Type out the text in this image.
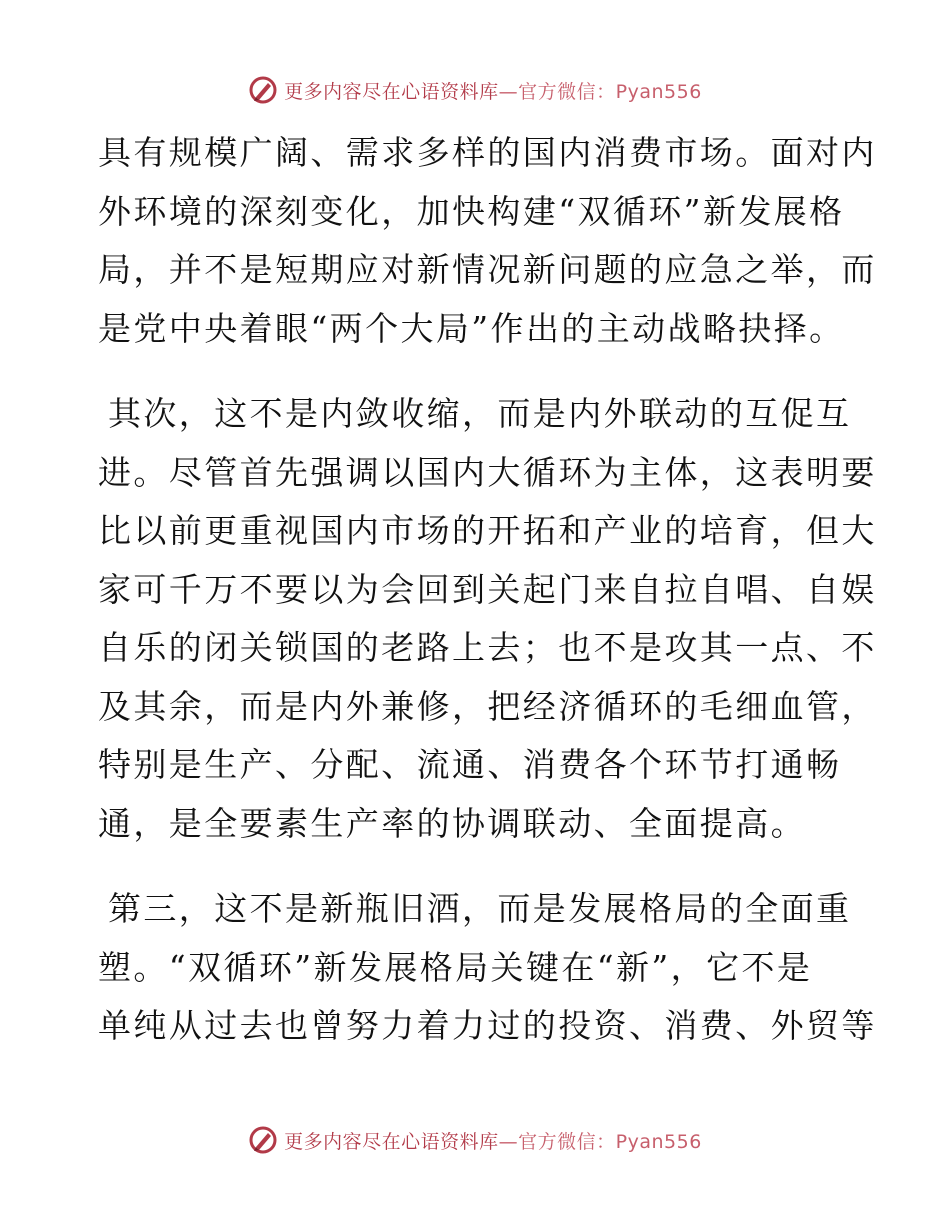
更多内容尽在心语资料库—官方微信：Pyan556
具有规模广阔、需求多样的国内消费市场。面对内
外环境的深刻变化，加快构建“双循环”新发展格
局，并不是短期应对新情况新问题的应急之举，而
是党中央着眼“两个大局”作出的主动战略抉择。
其次，这不是内敛收缩，而是内外联动的互促互
进。尽管首先强调以国内大循环为主体，这表明要
比以前更重视国内市场的开拓和产业的培育，但大
家可千万不要以为会回到关起门来自拉自唱、自娱
自乐的闭关锁国的老路上去；也不是攻其一点、不
及其余，而是内外兼修，把经济循环的毛细血管，
特别是生产、分配、流通、消费各个环节打通畅
通，是全要素生产率的协调联动、全面提高。
第三，这不是新瓶旧酒，而是发展格局的全面重
塑。“双循环”新发展格局关键在“新”，它不是
单纯从过去也曾努力着力过的投资、消费、外贸等
更多内容尽在心语资料库—官方微信：Pyan556
